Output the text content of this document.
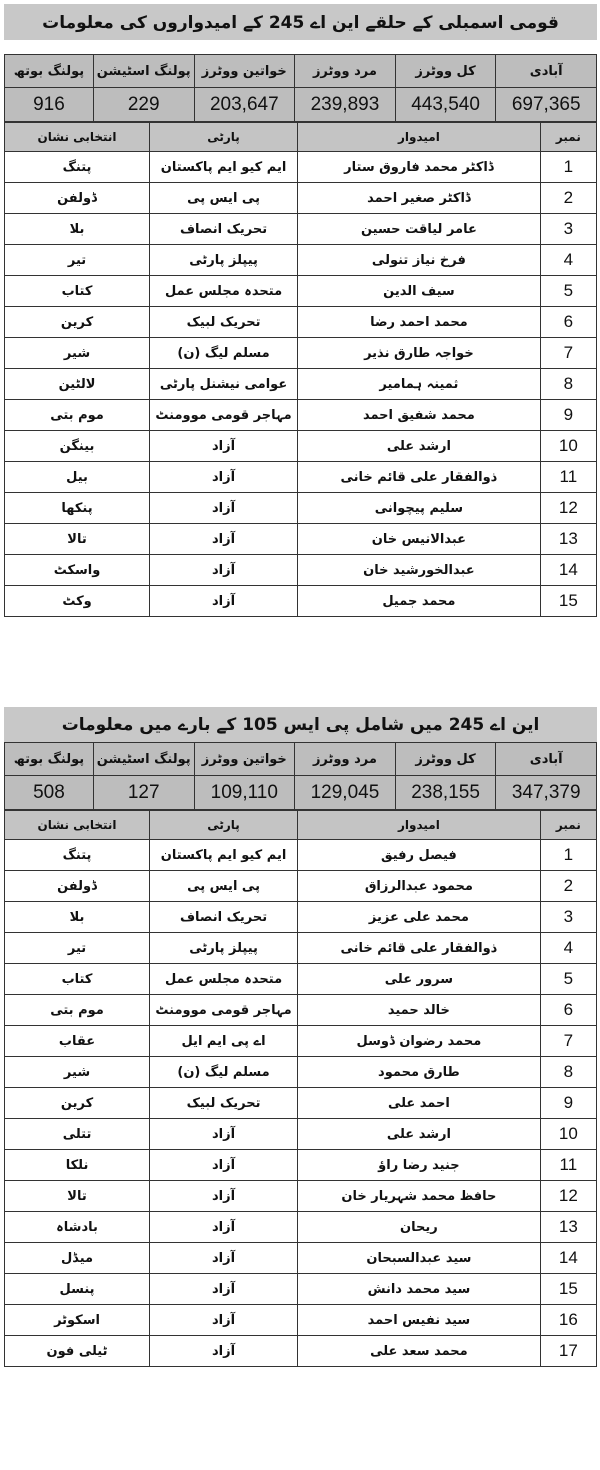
قومی اسمبلی کے حلقے این اے 245 کے امیدواروں کی معلومات
آبادی	کل ووٹرز	مرد ووٹرز	خواتین ووٹرز	پولنگ اسٹیشن	پولنگ بوتھ
697,365	443,540	239,893	203,647	229	916
نمبر	امیدوار	پارٹی	انتخابی نشان
1	ڈاکٹر محمد فاروق ستار	ایم کیو ایم پاکستان	پتنگ
2	ڈاکٹر صغیر احمد	پی ایس پی	ڈولفن
3	عامر لیاقت حسین	تحریک انصاف	بلا
4	فرخ نیاز تنولی	پیپلز پارٹی	تیر
5	سیف الدین	متحدہ مجلس عمل	کتاب
6	محمد احمد رضا	تحریک لبیک	کرین
7	خواجہ طارق نذیر	مسلم لیگ (ن)	شیر
8	ثمینہ ہمامیر	عوامی نیشنل پارٹی	لالٹین
9	محمد شفیق احمد	مہاجر قومی موومنٹ	موم بتی
10	ارشد علی	آزاد	بینگن
11	ذوالفقار علی قائم خانی	آزاد	بیل
12	سلیم پیچوانی	آزاد	پنکھا
13	عبدالانیس خان	آزاد	تالا
14	عبدالخورشید خان	آزاد	واسکٹ
15	محمد جمیل	آزاد	وکٹ
این اے 245 میں شامل پی ایس 105 کے بارے میں معلومات
آبادی	کل ووٹرز	مرد ووٹرز	خواتین ووٹرز	پولنگ اسٹیشن	پولنگ بوتھ
347,379	238,155	129,045	109,110	127	508
نمبر	امیدوار	پارٹی	انتخابی نشان
1	فیصل رفیق	ایم کیو ایم پاکستان	پتنگ
2	محمود عبدالرزاق	پی ایس پی	ڈولفن
3	محمد علی عزیز	تحریک انصاف	بلا
4	ذوالفقار علی قائم خانی	پیپلز پارٹی	تیر
5	سرور علی	متحدہ مجلس عمل	کتاب
6	خالد حمید	مہاجر قومی موومنٹ	موم بتی
7	محمد رضوان ڈوسل	اے پی ایم ایل	عقاب
8	طارق محمود	مسلم لیگ (ن)	شیر
9	احمد علی	تحریک لبیک	کرین
10	ارشد علی	آزاد	تتلی
11	جنید رضا راؤ	آزاد	نلکا
12	حافظ محمد شہریار خان	آزاد	تالا
13	ریحان	آزاد	بادشاہ
14	سید عبدالسبحان	آزاد	میڈل
15	سید محمد دانش	آزاد	پنسل
16	سید نفیس احمد	آزاد	اسکوٹر
17	محمد سعد علی	آزاد	ٹیلی فون
